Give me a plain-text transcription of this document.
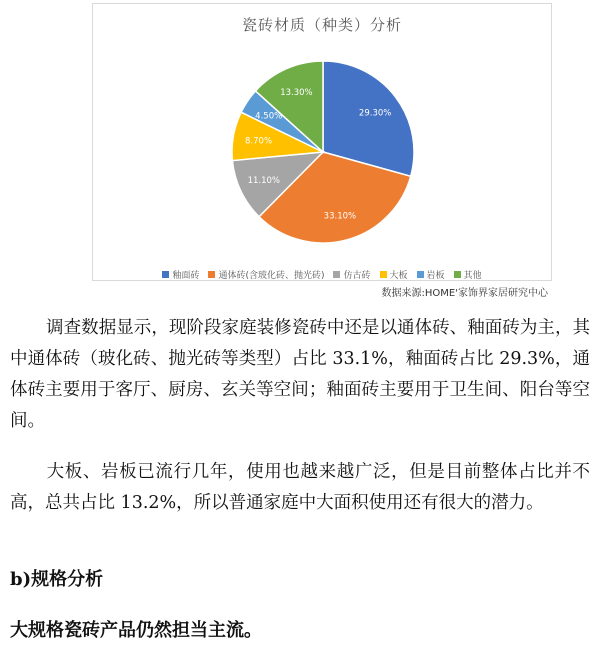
瓷砖材质（种类）分析
29.30%
33.10%
11.10%
8.70%
4.50%
13.30%
釉面砖 通体砖(含玻化砖、抛光砖) 仿古砖 大板 岩板 其他
数据来源:HOME'家饰界家居研究中心

调查数据显示，现阶段家庭装修瓷砖中还是以通体砖、釉面砖为主，其中通体砖（玻化砖、抛光砖等类型）占比 33.1%，釉面砖占比 29.3%，通体砖主要用于客厅、厨房、玄关等空间；釉面砖主要用于卫生间、阳台等空间。

大板、岩板已流行几年，使用也越来越广泛，但是目前整体占比并不高，总共占比 13.2%，所以普通家庭中大面积使用还有很大的潜力。

b)规格分析
大规格瓷砖产品仍然担当主流。
